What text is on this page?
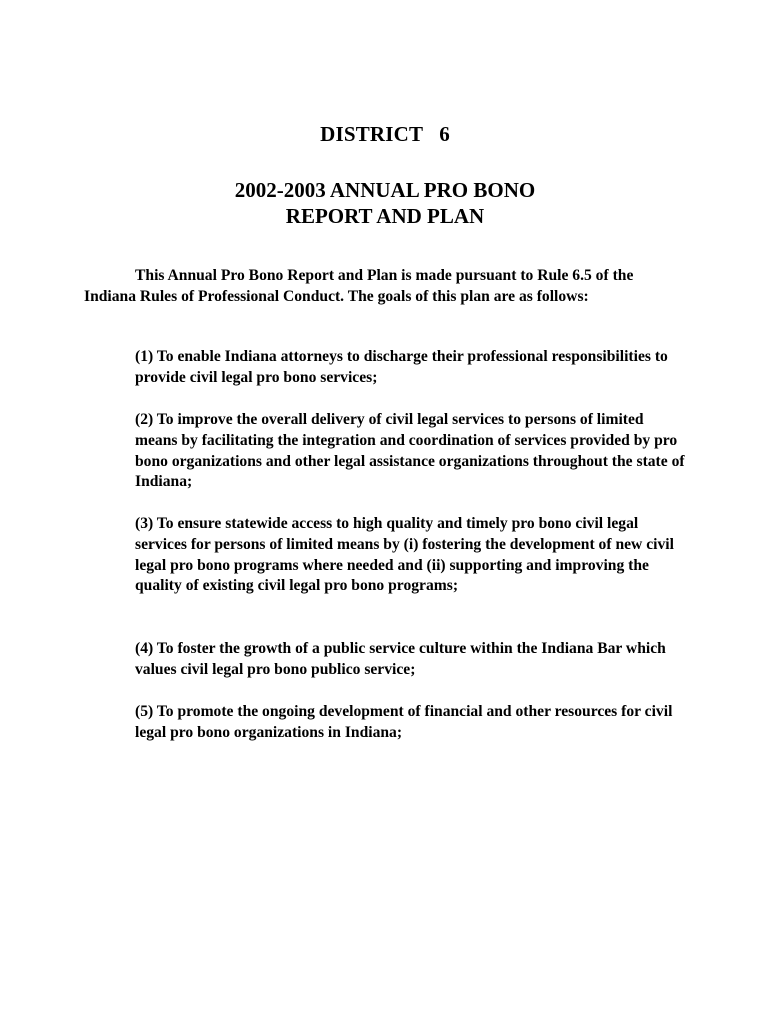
DISTRICT   6
2002-2003 ANNUAL PRO BONO
REPORT AND PLAN

This Annual Pro Bono Report and Plan is made pursuant to Rule 6.5 of the Indiana Rules of Professional Conduct. The goals of this plan are as follows:

(1) To enable Indiana attorneys to discharge their professional responsibilities to provide civil legal pro bono services;

(2) To improve the overall delivery of civil legal services to persons of limited means by facilitating the integration and coordination of services provided by pro bono organizations and other legal assistance organizations throughout the state of Indiana;

(3) To ensure statewide access to high quality and timely pro bono civil legal services for persons of limited means by (i) fostering the development of new civil legal pro bono programs where needed and (ii) supporting and improving the quality of existing civil legal pro bono programs;

(4) To foster the growth of a public service culture within the Indiana Bar which values civil legal pro bono publico service;

(5) To promote the ongoing development of financial and other resources for civil legal pro bono organizations in Indiana;
